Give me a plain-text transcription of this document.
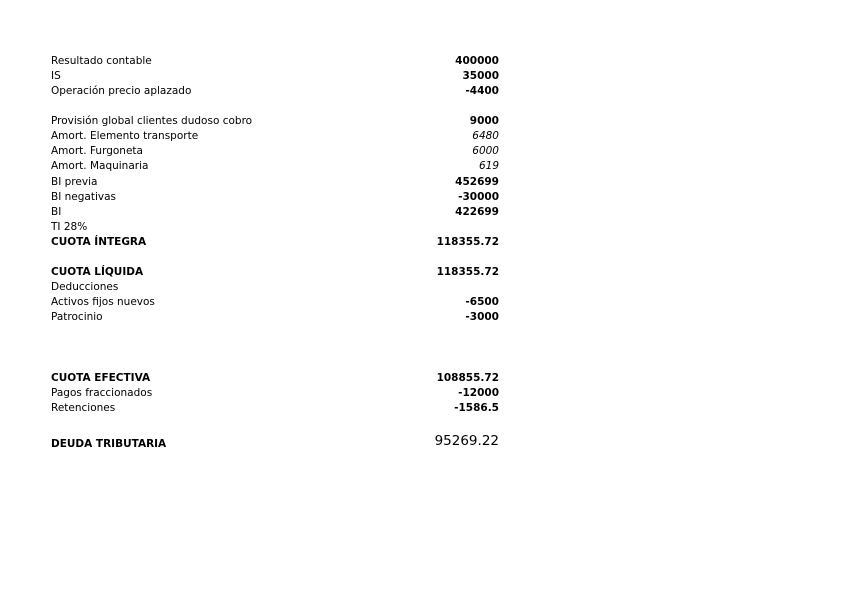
Resultado contable	400000
IS	35000
Operación precio aplazado	-4400
Provisión global clientes dudoso cobro	9000
Amort. Elemento transporte	6480
Amort. Furgoneta	6000
Amort. Maquinaria	619
BI previa	452699
BI negativas	-30000
BI	422699
TI 28%
CUOTA ÍNTEGRA	118355.72
CUOTA LÍQUIDA	118355.72
Deducciones
Activos fijos nuevos	-6500
Patrocinio	-3000
CUOTA EFECTIVA	108855.72
Pagos fraccionados	-12000
Retenciones	-1586.5
DEUDA TRIBUTARIA	95269.22
